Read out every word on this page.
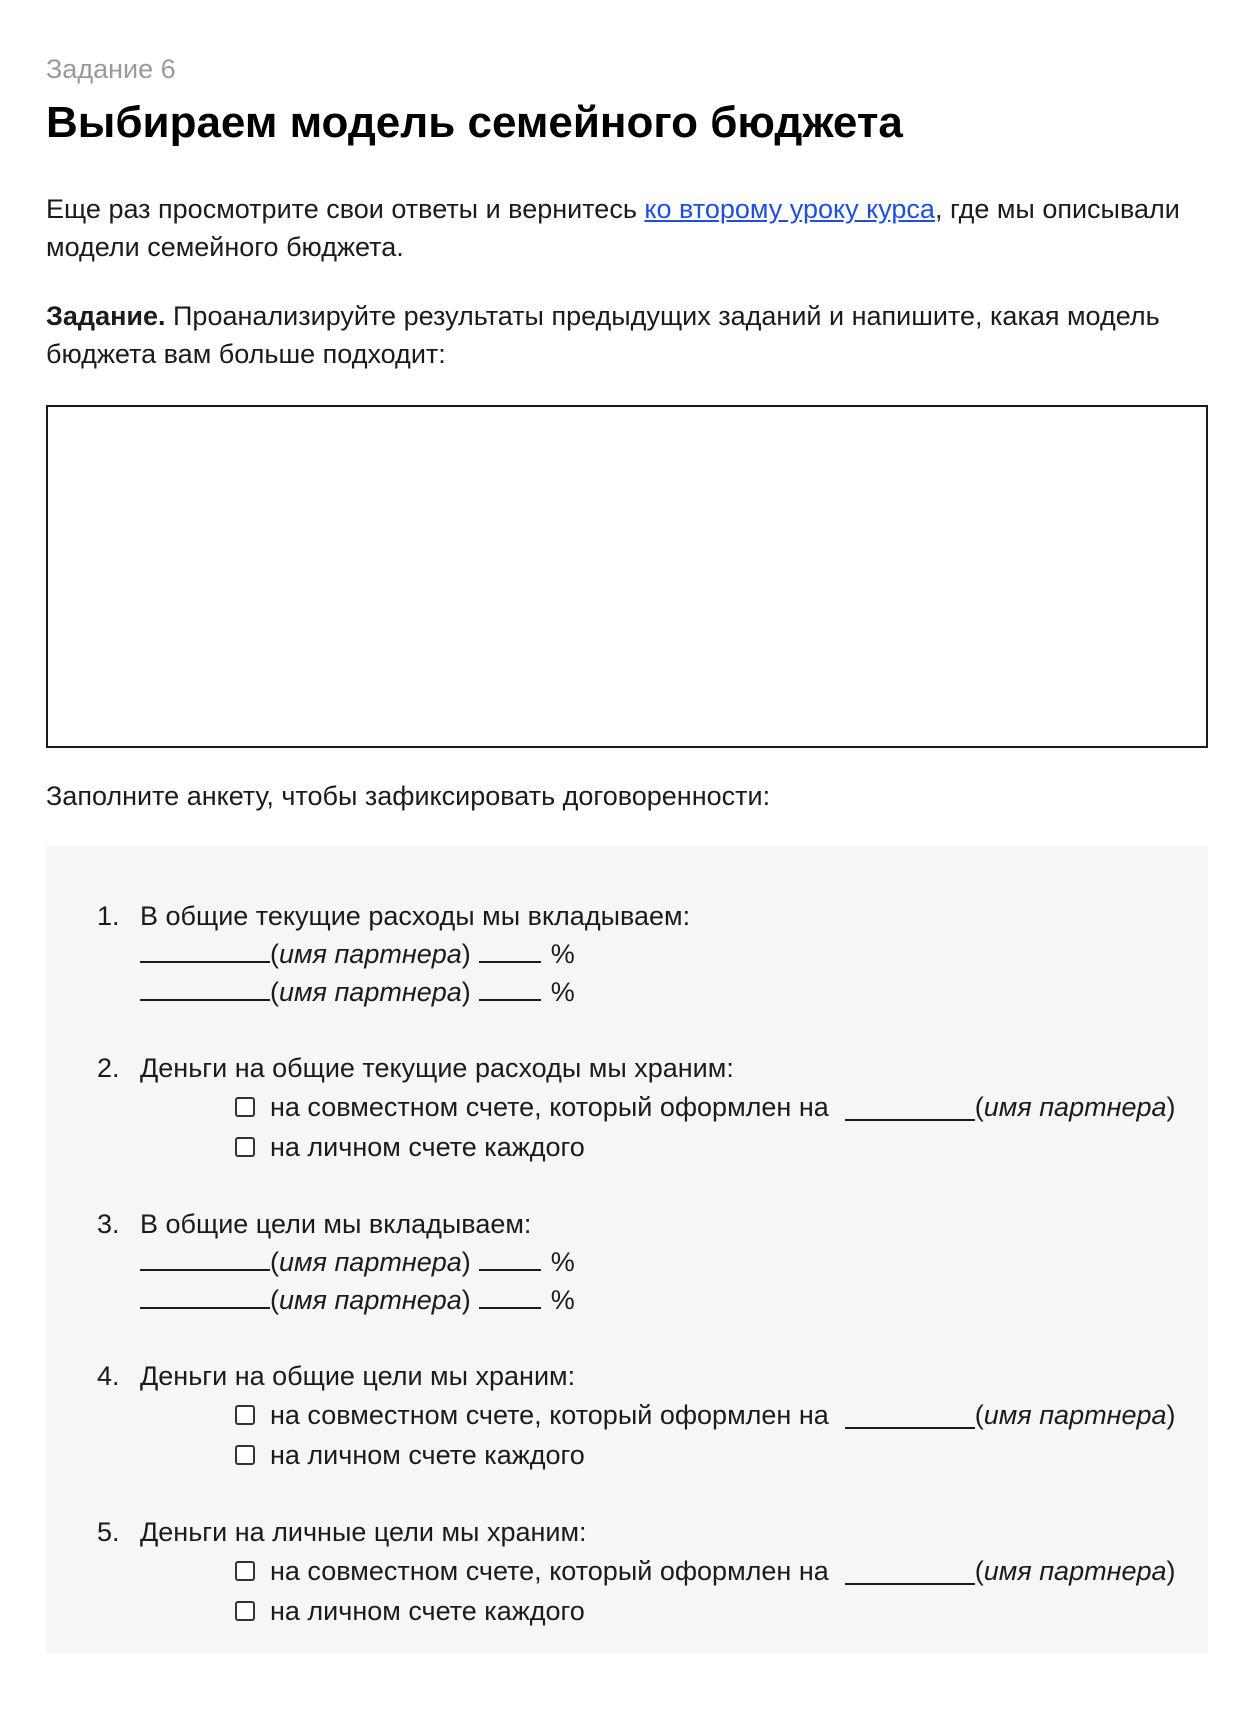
Задание 6

Выбираем модель семейного бюджета

Еще раз просмотрите свои ответы и вернитесь ко второму уроку курса, где мы описывали модели семейного бюджета.

Задание. Проанализируйте результаты предыдущих заданий и напишите, какая модель бюджета вам больше подходит:

Заполните анкету, чтобы зафиксировать договоренности:
1. В общие текущие расходы мы вкладываем:
(имя партнера)	%
(имя партнера)	%
2. Деньги на общие текущие расходы мы храним:
на совместном счете, который оформлен на	( имя партнера )
на личном счете каждого
3. В общие цели мы вкладываем:
(имя партнера)	%
(имя партнера)	%
4. Деньги на общие цели мы храним:
на совместном счете, который оформлен на	( имя партнера )
на личном счете каждого
5. Деньги на личные цели мы храним:
на совместном счете, который оформлен на	( имя партнера )
на личном счете каждого
